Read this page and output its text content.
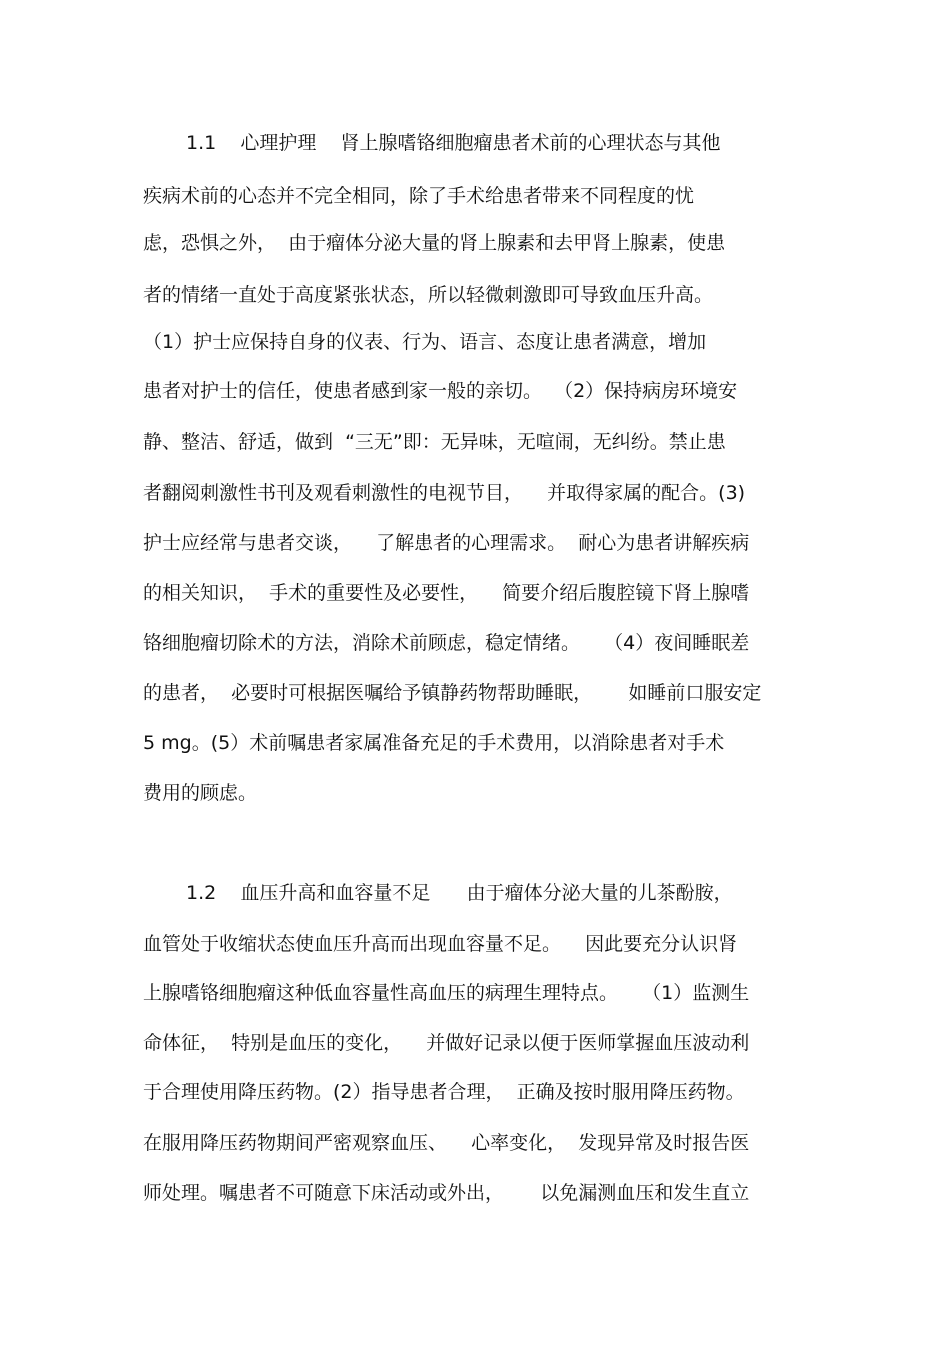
1.1    心理护理    肾上腺嗜铬细胞瘤患者术前的心理状态与其他
疾病术前的心态并不完全相同，除了手术给患者带来不同程度的忧
虑，恐惧之外，  由于瘤体分泌大量的肾上腺素和去甲肾上腺素，使患
者的情绪一直处于高度紧张状态，所以轻微刺激即可导致血压升高。
（1）护士应保持自身的仪表、行为、语言、态度让患者满意，增加
患者对护士的信任，使患者感到家一般的亲切。  （2）保持病房环境安
静、整洁、舒适，做到  “三无”即：无异味，无喧闹，无纠纷。禁止患
者翻阅刺激性书刊及观看刺激性的电视节目，    并取得家属的配合。(3)
护士应经常与患者交谈，    了解患者的心理需求。  耐心为患者讲解疾病
的相关知识，  手术的重要性及必要性，    简要介绍后腹腔镜下肾上腺嗜
铬细胞瘤切除术的方法，消除术前顾虑，稳定情绪。    （4）夜间睡眠差
的患者，  必要时可根据医嘱给予镇静药物帮助睡眠，      如睡前口服安定
5 mg。(5）术前嘱患者家属准备充足的手术费用，以消除患者对手术
费用的顾虑。
1.2    血压升高和血容量不足      由于瘤体分泌大量的儿茶酚胺，
血管处于收缩状态使血压升高而出现血容量不足。    因此要充分认识肾
上腺嗜铬细胞瘤这种低血容量性高血压的病理生理特点。    （1）监测生
命体征，  特别是血压的变化，    并做好记录以便于医师掌握血压波动利
于合理使用降压药物。(2）指导患者合理，  正确及按时服用降压药物。
在服用降压药物期间严密观察血压、    心率变化，  发现异常及时报告医
师处理。嘱患者不可随意下床活动或外出，      以免漏测血压和发生直立
